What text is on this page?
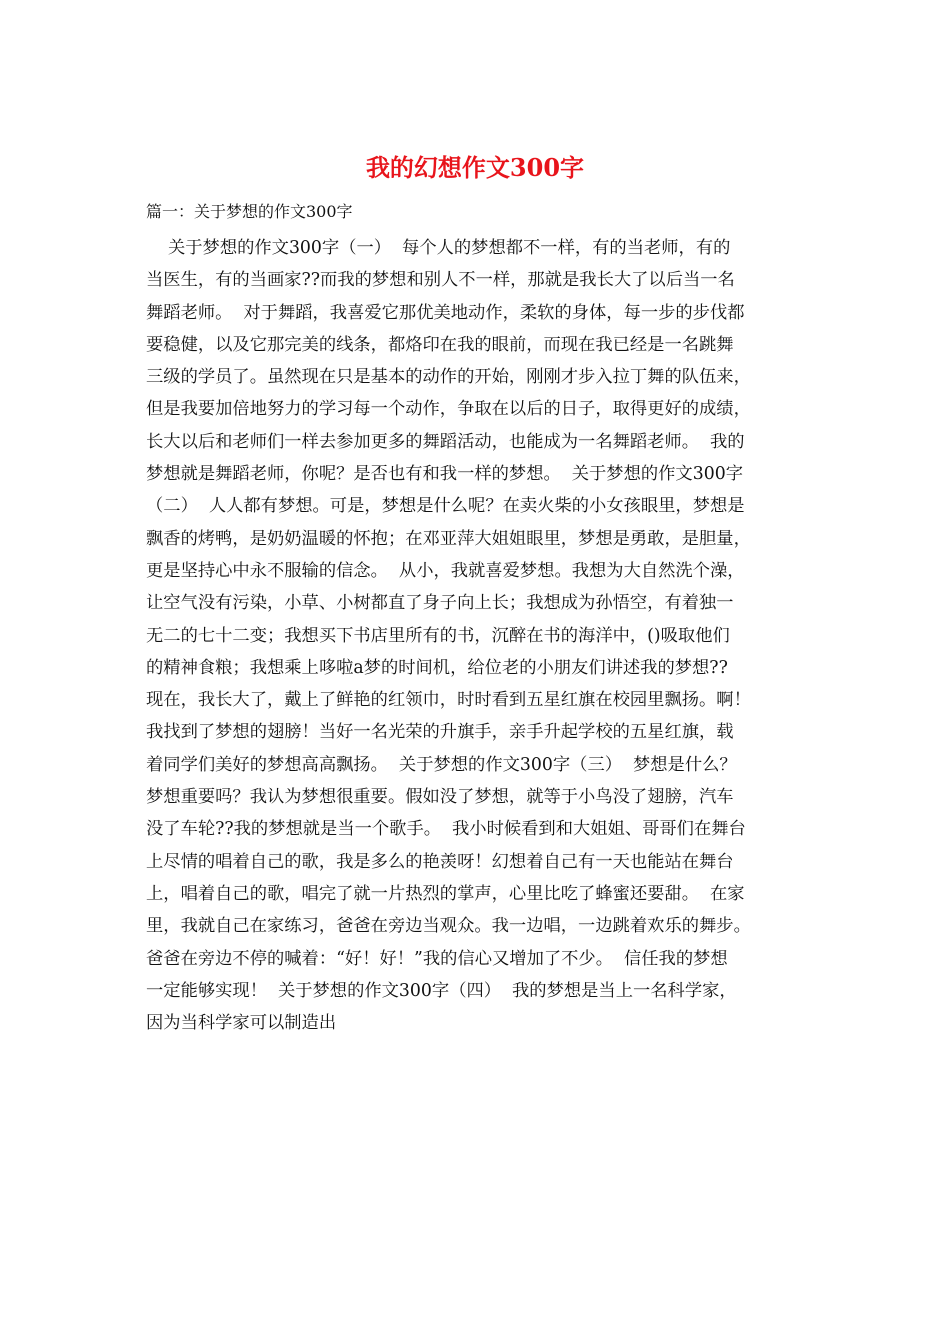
我的幻想作文300字

篇一：关于梦想的作文300字

关于梦想的作文300字（一）  每个人的梦想都不一样，有的当老师，有的
当医生，有的当画家??而我的梦想和别人不一样，那就是我长大了以后当一名
舞蹈老师。  对于舞蹈，我喜爱它那优美地动作，柔软的身体，每一步的步伐都
要稳健，以及它那完美的线条，都烙印在我的眼前，而现在我已经是一名跳舞
三级的学员了。虽然现在只是基本的动作的开始，刚刚才步入拉丁舞的队伍来，
但是我要加倍地努力的学习每一个动作，争取在以后的日子，取得更好的成绩，
长大以后和老师们一样去参加更多的舞蹈活动，也能成为一名舞蹈老师。  我的
梦想就是舞蹈老师，你呢？是否也有和我一样的梦想。  关于梦想的作文300字
（二）  人人都有梦想。可是，梦想是什么呢？在卖火柴的小女孩眼里，梦想是
飘香的烤鸭，是奶奶温暖的怀抱；在邓亚萍大姐姐眼里，梦想是勇敢，是胆量，
更是坚持心中永不服输的信念。  从小，我就喜爱梦想。我想为大自然洗个澡，
让空气没有污染，小草、小树都直了身子向上长；我想成为孙悟空，有着独一
无二的七十二变；我想买下书店里所有的书，沉醉在书的海洋中，()吸取他们
的精神食粮；我想乘上哆啦a梦的时间机，给位老的小朋友们讲述我的梦想??
现在，我长大了，戴上了鲜艳的红领巾，时时看到五星红旗在校园里飘扬。啊！
我找到了梦想的翅膀！当好一名光荣的升旗手，亲手升起学校的五星红旗，载
着同学们美好的梦想高高飘扬。  关于梦想的作文300字（三）  梦想是什么？
梦想重要吗？我认为梦想很重要。假如没了梦想，就等于小鸟没了翅膀，汽车
没了车轮??我的梦想就是当一个歌手。  我小时候看到和大姐姐、哥哥们在舞台
上尽情的唱着自己的歌，我是多么的艳羡呀！幻想着自己有一天也能站在舞台
上，唱着自己的歌，唱完了就一片热烈的掌声，心里比吃了蜂蜜还要甜。  在家
里，我就自己在家练习，爸爸在旁边当观众。我一边唱，一边跳着欢乐的舞步。
爸爸在旁边不停的喊着：“好！好！”我的信心又增加了不少。  信任我的梦想
一定能够实现！  关于梦想的作文300字（四）  我的梦想是当上一名科学家，
因为当科学家可以制造出
